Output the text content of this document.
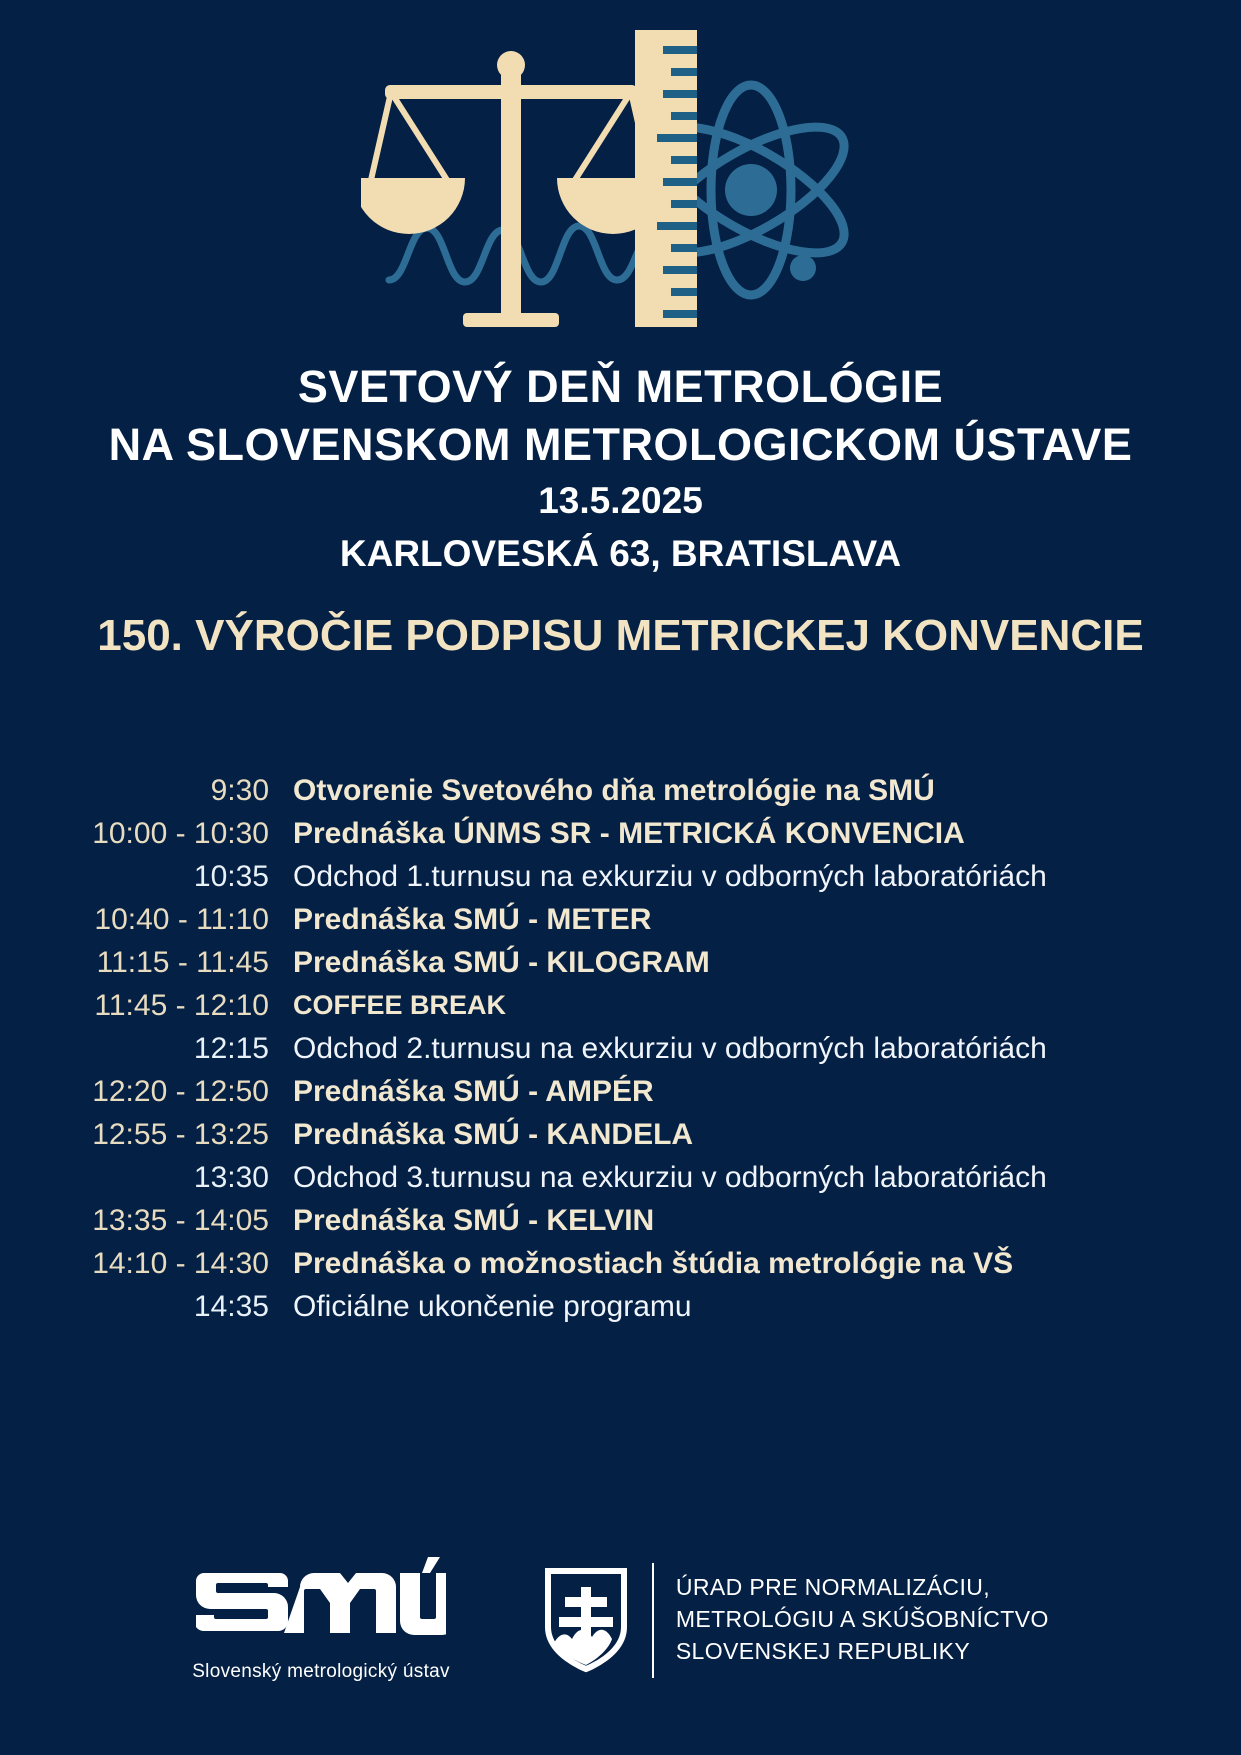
SVETOVÝ DEŇ METROLÓGIE
NA SLOVENSKOM METROLOGICKOM ÚSTAVE
13.5.2025
KARLOVESKÁ 63, BRATISLAVA
150. VÝROČIE PODPISU METRICKEJ KONVENCIE
9:30 Otvorenie Svetového dňa metrológie na SMÚ
10:00 - 10:30 Prednáška ÚNMS SR - METRICKÁ KONVENCIA
10:35 Odchod 1.turnusu na exkurziu v odborných laboratóriách
10:40 - 11:10 Prednáška SMÚ - METER
11:15 - 11:45 Prednáška SMÚ - KILOGRAM
11:45 - 12:10 COFFEE BREAK
12:15 Odchod 2.turnusu na exkurziu v odborných laboratóriách
12:20 - 12:50 Prednáška SMÚ - AMPÉR
12:55 - 13:25 Prednáška SMÚ - KANDELA
13:30 Odchod 3.turnusu na exkurziu v odborných laboratóriách
13:35 - 14:05 Prednáška SMÚ - KELVIN
14:10 - 14:30 Prednáška o možnostiach štúdia metrológie na VŠ
14:35 Oficiálne ukončenie programu
Slovenský metrologický ústav
ÚRAD PRE NORMALIZÁCIU,
METROLÓGIU A SKÚŠOBNÍCTVO
SLOVENSKEJ REPUBLIKY
